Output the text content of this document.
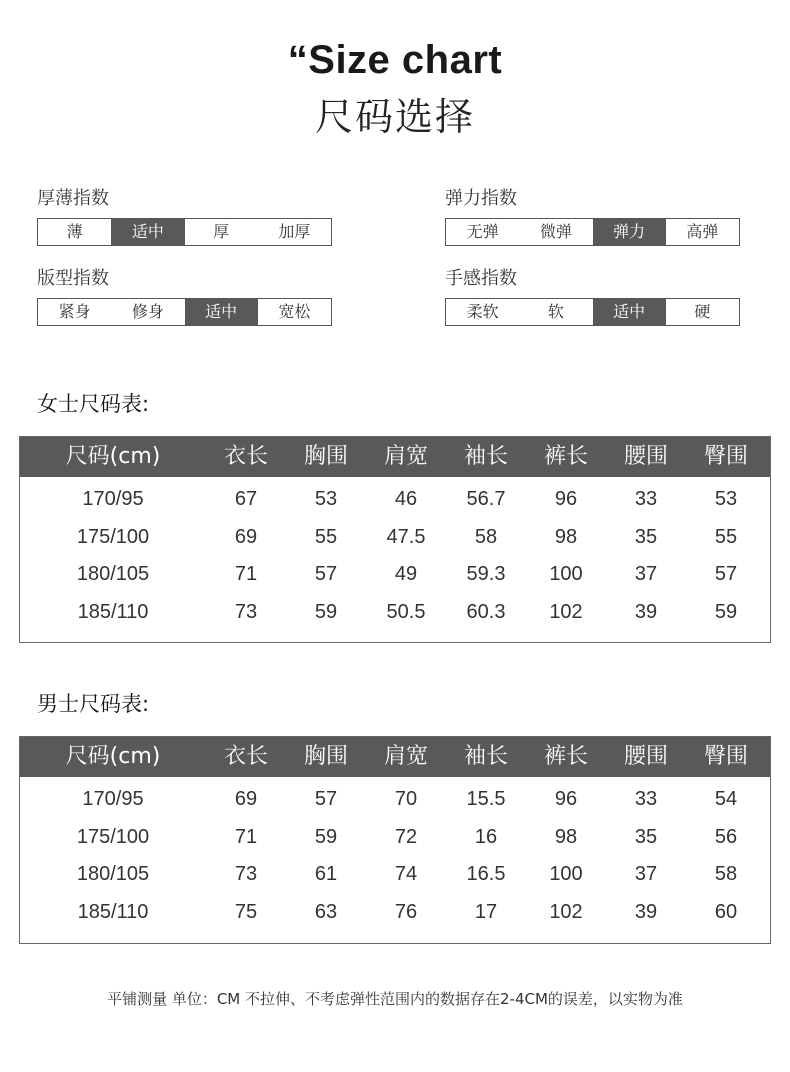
“Size chart
尺码选择
厚薄指数
薄	适中	厚	加厚
弹力指数
无弹	微弹	弹力	高弹
版型指数
紧身	修身	适中	宽松
手感指数
柔软	软	适中	硬
女士尺码表:
尺码(cm)	衣长	胸围	肩宽	袖长	裤长	腰围	臀围
170/95	67	53	46	56.7	96	33	53
175/100	69	55	47.5	58	98	35	55
180/105	71	57	49	59.3	100	37	57
185/110	73	59	50.5	60.3	102	39	59
男士尺码表:
尺码(cm)	衣长	胸围	肩宽	袖长	裤长	腰围	臀围
170/95	69	57	70	15.5	96	33	54
175/100	71	59	72	16	98	35	56
180/105	73	61	74	16.5	100	37	58
185/110	75	63	76	17	102	39	60
平铺测量 单位：CM 不拉伸、不考虑弹性范围内的数据存在2-4CM的误差，以实物为准
